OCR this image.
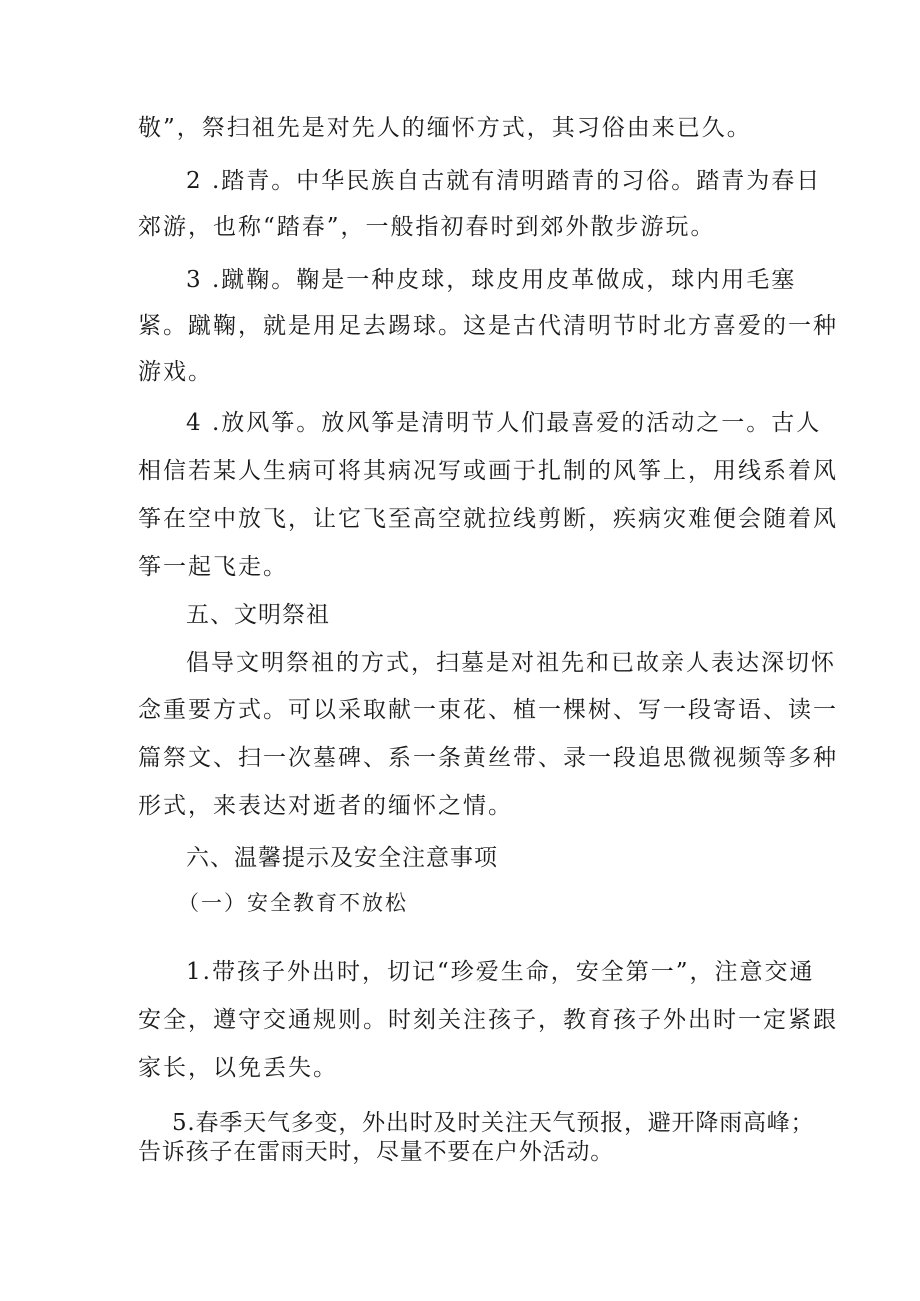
敬”，祭扫祖先是对先人的缅怀方式，其习俗由来已久。
2 .踏青。中华民族自古就有清明踏青的习俗。踏青为春日
郊游，也称“踏春”，一般指初春时到郊外散步游玩。
3 .蹴鞠。鞠是一种皮球，球皮用皮革做成，球内用毛塞
紧。蹴鞠，就是用足去踢球。这是古代清明节时北方喜爱的一种
游戏。
4 .放风筝。放风筝是清明节人们最喜爱的活动之一。古人
相信若某人生病可将其病况写或画于扎制的风筝上，用线系着风
筝在空中放飞，让它飞至高空就拉线剪断，疾病灾难便会随着风
筝一起飞走。
五、文明祭祖
倡导文明祭祖的方式，扫墓是对祖先和已故亲人表达深切怀
念重要方式。可以采取献一束花、植一棵树、写一段寄语、读一
篇祭文、扫一次墓碑、系一条黄丝带、录一段追思微视频等多种
形式，来表达对逝者的缅怀之情。
六、温馨提示及安全注意事项
（一）安全教育不放松
1.带孩子外出时，切记“珍爱生命，安全第一”，注意交通
安全，遵守交通规则。时刻关注孩子，教育孩子外出时一定紧跟
家长，以免丢失。
5.春季天气多变，外出时及时关注天气预报，避开降雨高峰；
告诉孩子在雷雨天时，尽量不要在户外活动。
